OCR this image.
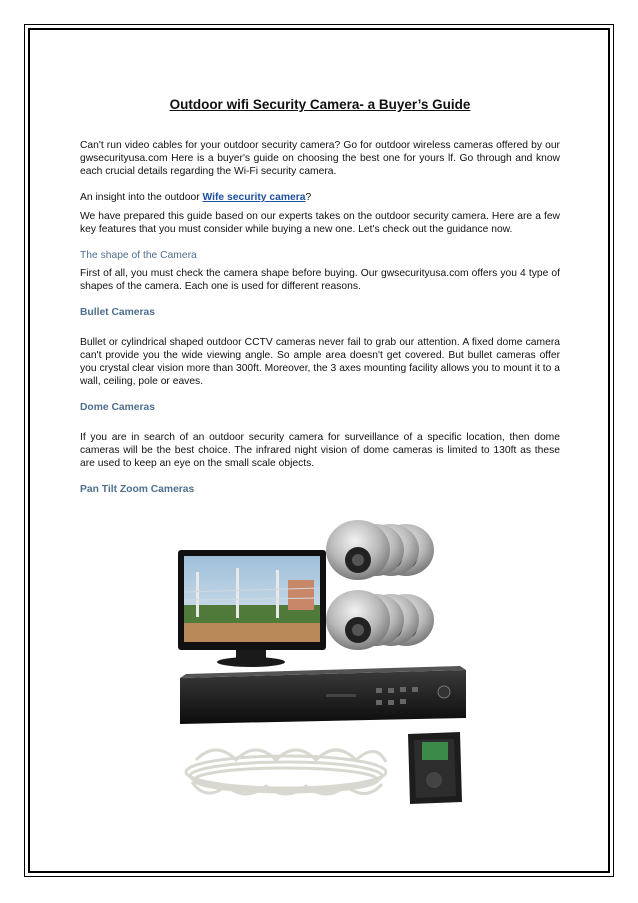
Outdoor wifi Security Camera- a Buyer’s Guide

Can't run video cables for your outdoor security camera? Go for outdoor wireless cameras offered by our gwsecurityusa.com Here is a buyer's guide on choosing the best one for yours lf. Go through and know each crucial details regarding the Wi-Fi security camera.

An insight into the outdoor Wife security camera?

We have prepared this guide based on our experts takes on the outdoor security camera. Here are a few key features that you must consider while buying a new one. Let's check out the guidance now.

The shape of the Camera

First of all, you must check the camera shape before buying. Our gwsecurityusa.com offers you 4 type of shapes of the camera. Each one is used for different reasons.

Bullet Cameras

Bullet or cylindrical shaped outdoor CCTV cameras never fail to grab our attention. A fixed dome camera can't provide you the wide viewing angle. So ample area doesn't get covered. But bullet cameras offer you crystal clear vision more than 300ft. Moreover, the 3 axes mounting facility allows you to mount it to a wall, ceiling, pole or eaves.

Dome Cameras

If you are in search of an outdoor security camera for surveillance of a specific location, then dome cameras will be the best choice. The infrared night vision of dome cameras is limited to 130ft as these are used to keep an eye on the small scale objects.

Pan Tilt Zoom Cameras
